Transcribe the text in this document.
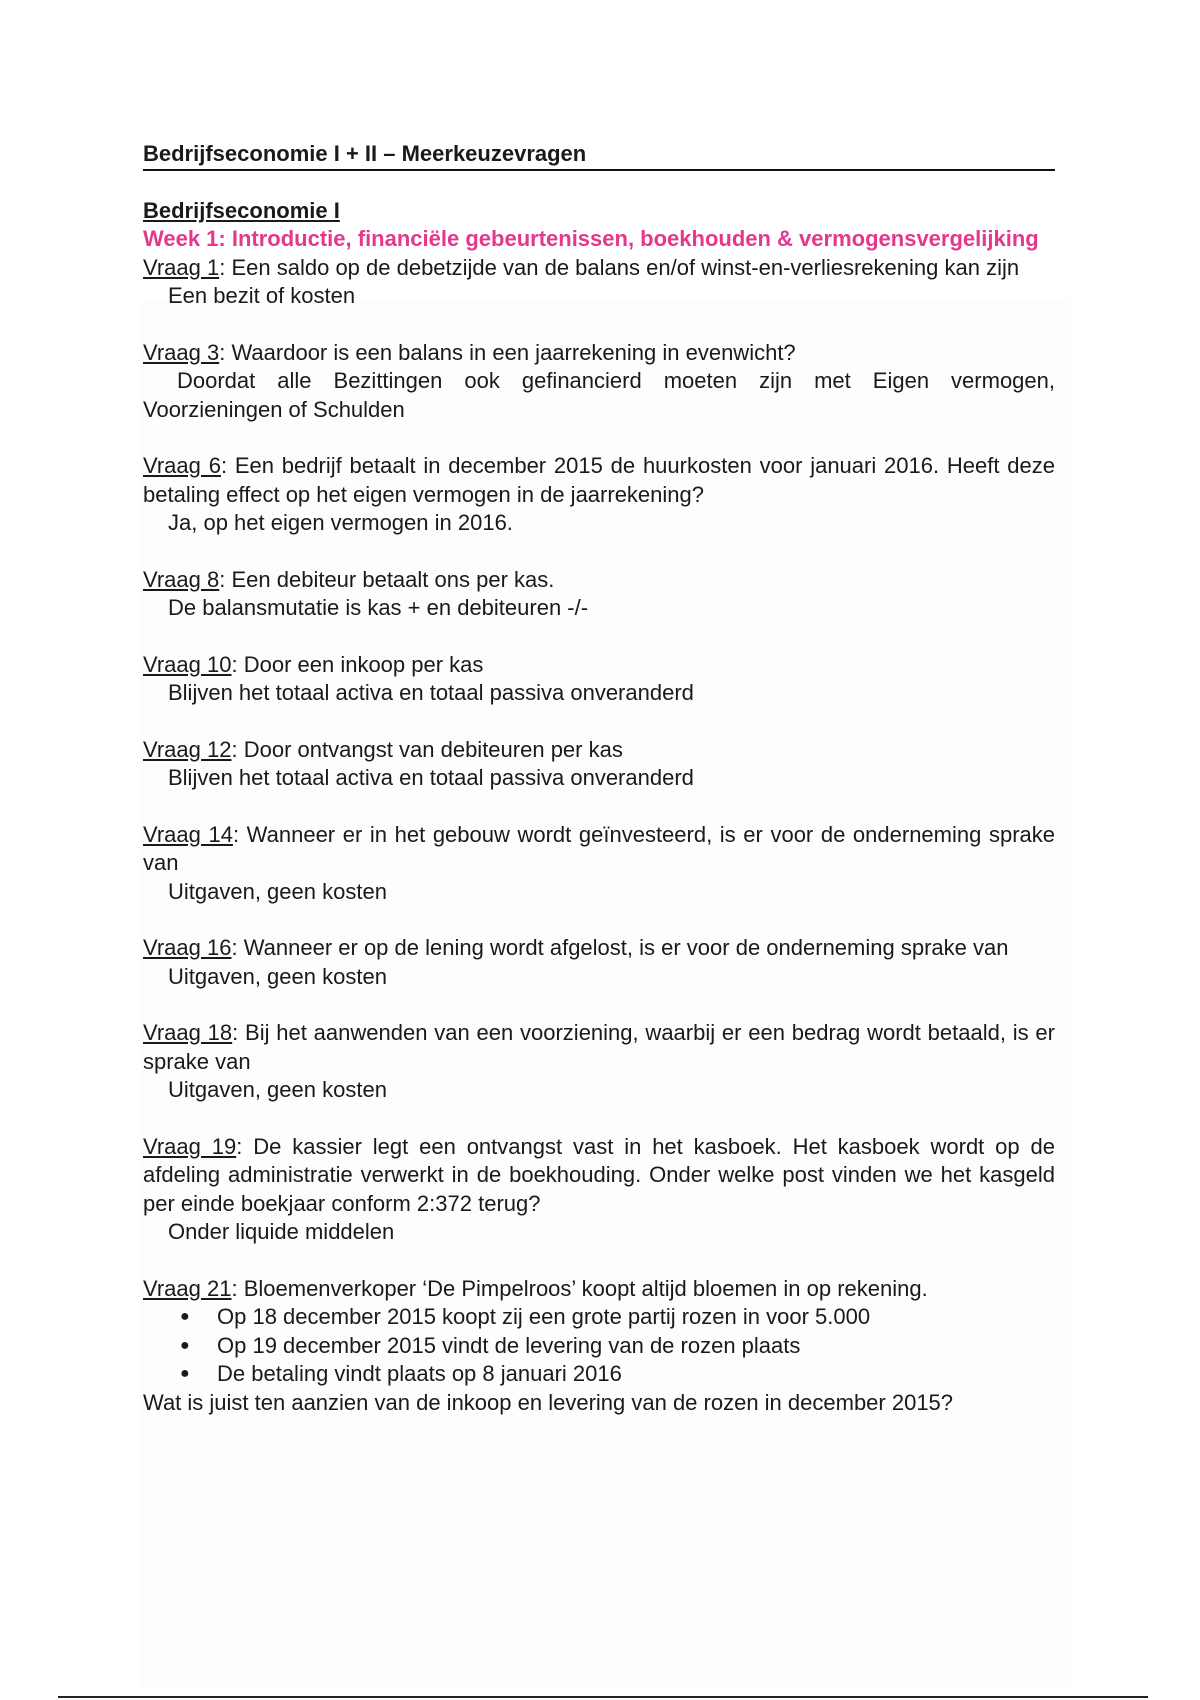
Bedrijfseconomie I + II – Meerkeuzevragen
Bedrijfseconomie I
Week 1: Introductie, financiële gebeurtenissen, boekhouden & vermogensvergelijking
Vraag 1: Een saldo op de debetzijde van de balans en/of winst-en-verliesrekening kan zijn
Een bezit of kosten
Vraag 3: Waardoor is een balans in een jaarrekening in evenwicht?
Doordat alle Bezittingen ook gefinancierd moeten zijn met Eigen vermogen, Voorzieningen of Schulden
Vraag 6: Een bedrijf betaalt in december 2015 de huurkosten voor januari 2016. Heeft deze betaling effect op het eigen vermogen in de jaarrekening?
Ja, op het eigen vermogen in 2016.
Vraag 8: Een debiteur betaalt ons per kas.
De balansmutatie is kas + en debiteuren -/-
Vraag 10: Door een inkoop per kas
Blijven het totaal activa en totaal passiva onveranderd
Vraag 12: Door ontvangst van debiteuren per kas
Blijven het totaal activa en totaal passiva onveranderd
Vraag 14: Wanneer er in het gebouw wordt geïnvesteerd, is er voor de onderneming sprake van
Uitgaven, geen kosten
Vraag 16: Wanneer er op de lening wordt afgelost, is er voor de onderneming sprake van
Uitgaven, geen kosten
Vraag 18: Bij het aanwenden van een voorziening, waarbij er een bedrag wordt betaald, is er sprake van
Uitgaven, geen kosten
Vraag 19: De kassier legt een ontvangst vast in het kasboek. Het kasboek wordt op de afdeling administratie verwerkt in de boekhouding. Onder welke post vinden we het kasgeld per einde boekjaar conform 2:372 terug?
Onder liquide middelen
Vraag 21: Bloemenverkoper ‘De Pimpelroos’ koopt altijd bloemen in op rekening.
● Op 18 december 2015 koopt zij een grote partij rozen in voor 5.000
● Op 19 december 2015 vindt de levering van de rozen plaats
● De betaling vindt plaats op 8 januari 2016
Wat is juist ten aanzien van de inkoop en levering van de rozen in december 2015?
